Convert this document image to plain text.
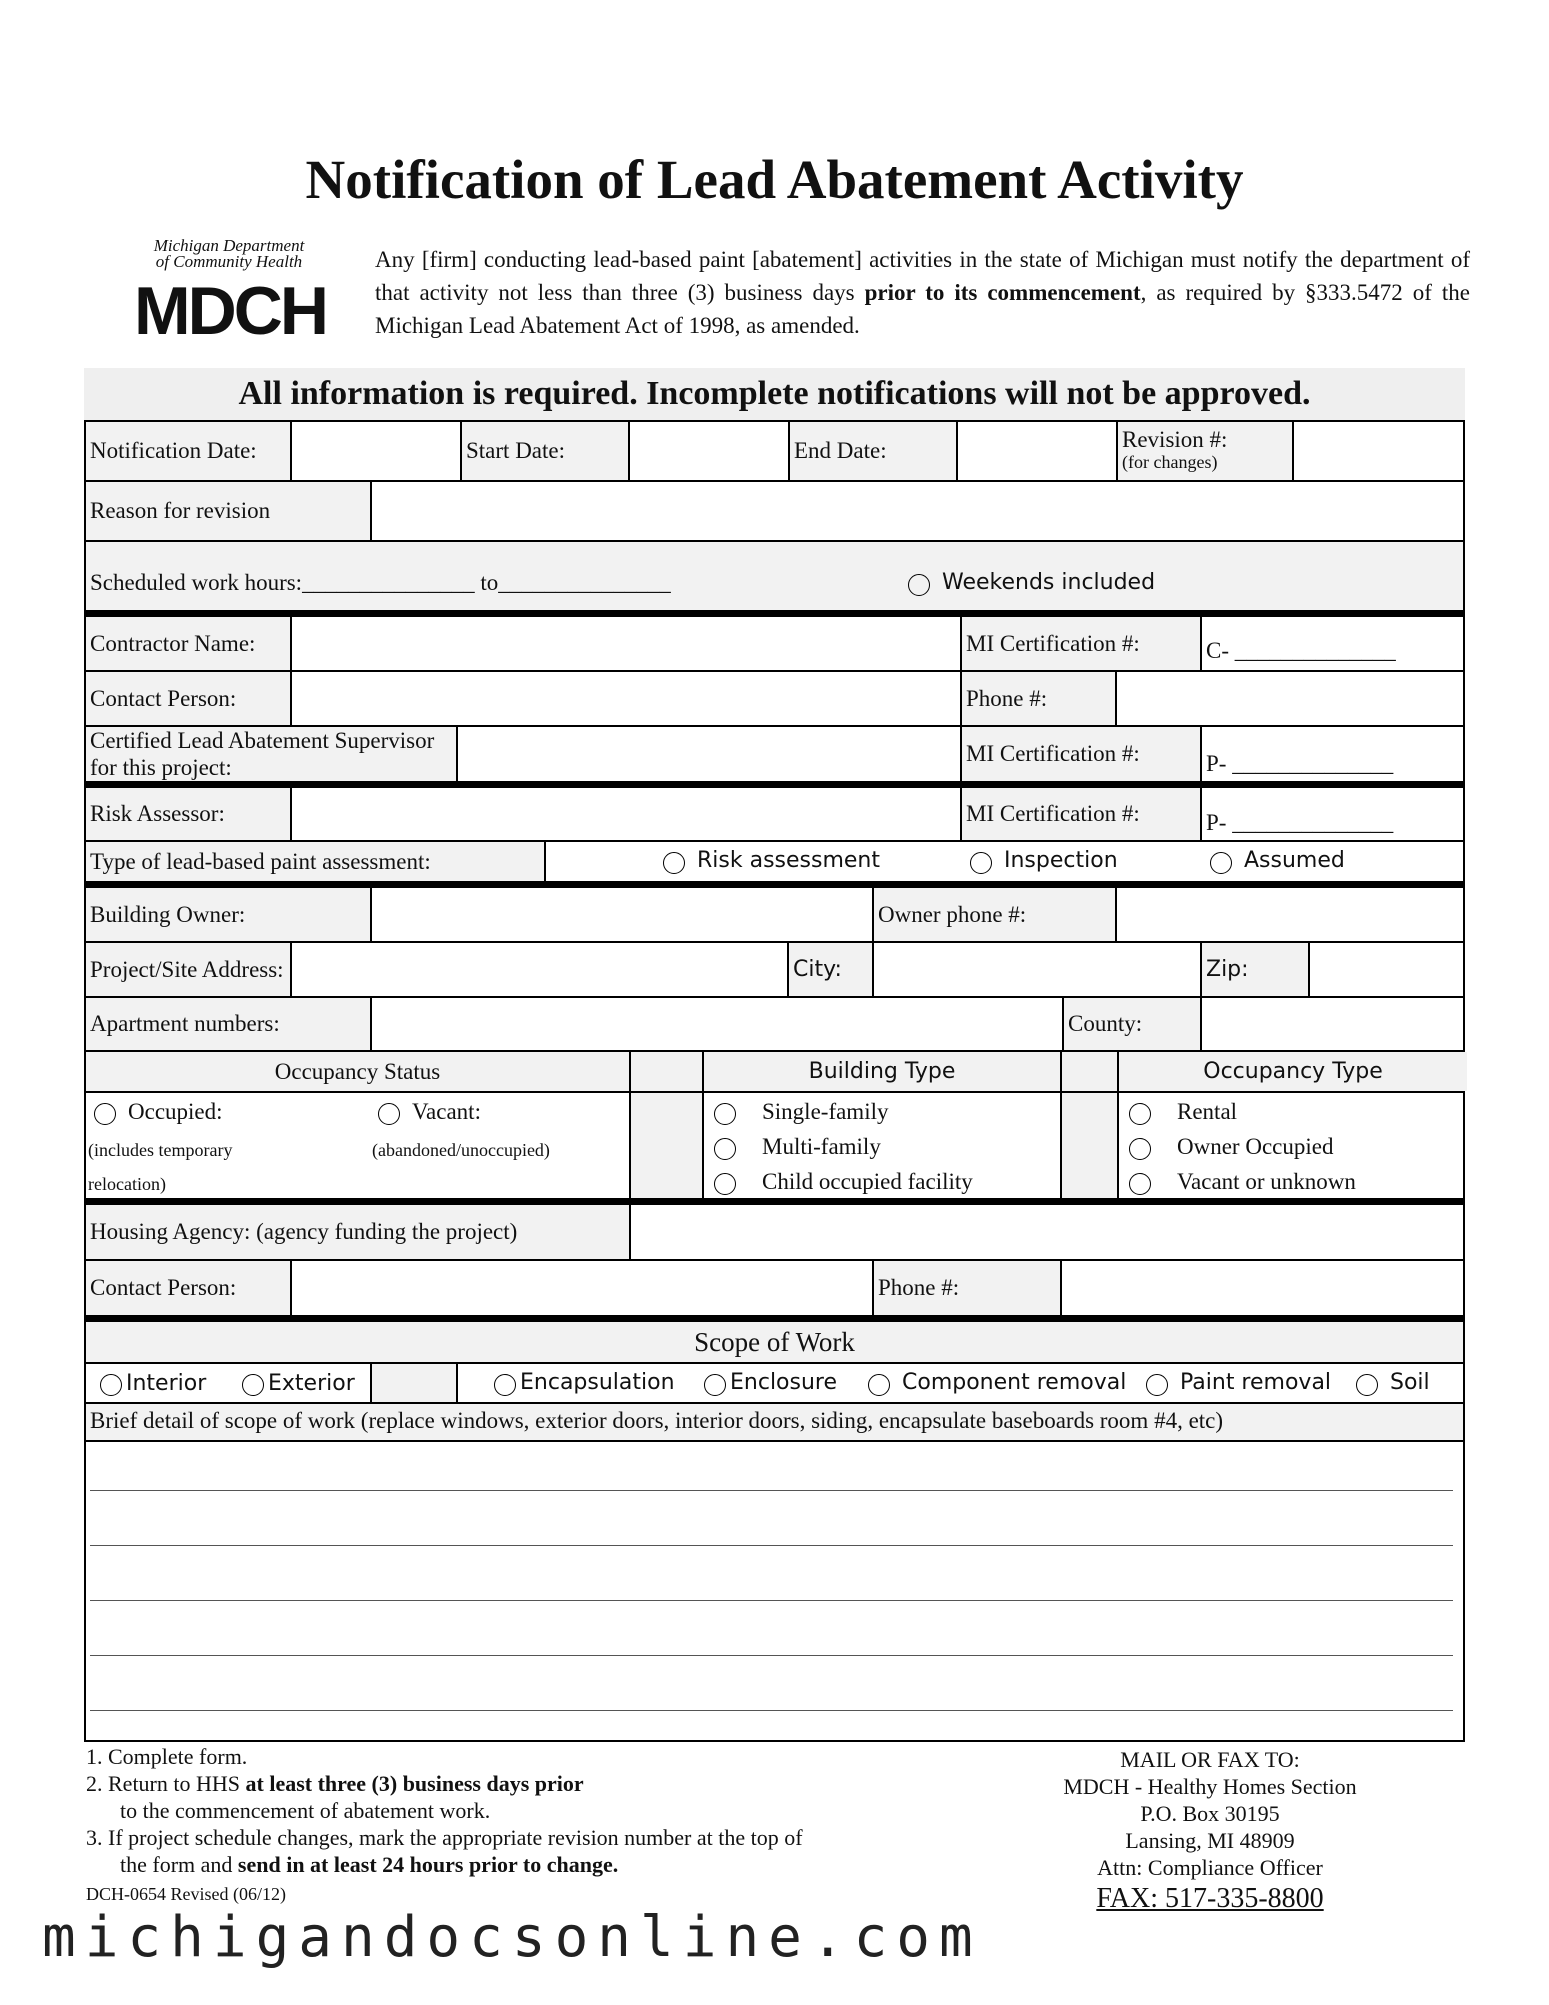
Notification of Lead Abatement Activity
Michigan Department
of Community Health
MDCH
Any [firm] conducting lead-based paint [abatement] activities in the state of Michigan must notify the department of that activity not less than three (3) business days prior to its commencement, as required by §333.5472 of the Michigan Lead Abatement Act of 1998, as amended.
All information is required. Incomplete notifications will not be approved.
Notification Date:	Start Date:	End Date:	Revision #:
(for changes)
Reason for revision
Scheduled work hours:_______________ to_______________	Weekends included
Contractor Name:	MI Certification #:	C- ______________
Contact Person:	Phone #:
Certified Lead Abatement Supervisor for this project:
MI Certification #:	P- ______________
Risk Assessor:	MI Certification #:	P- ______________
Type of lead-based paint assessment:	Risk assessment	Inspection	Assumed
Building Owner:	Owner phone #:
Project/Site Address:	City:	Zip:
Apartment numbers:	County:
Occupancy Status	Building Type	Occupancy Type
Occupied:
(includes temporary relocation)
Vacant:
(abandoned/unoccupied)
Single-family
Multi-family
Child occupied facility
Rental
Owner Occupied
Vacant or unknown
Housing Agency: (agency funding the project)
Contact Person:	Phone #:
Scope of Work
Interior	Exterior	Encapsulation	Enclosure	Component removal	Paint removal	Soil
Brief detail of scope of work (replace windows, exterior doors, interior doors, siding, encapsulate baseboards room #4, etc)
1. Complete form.
2. Return to HHS at least three (3) business days prior
to the commencement of abatement work.
3. If project schedule changes, mark the appropriate revision number at the top of
the form and send in at least 24 hours prior to change.
DCH-0654 Revised (06/12)
MAIL OR FAX TO:
MDCH - Healthy Homes Section
P.O. Box 30195
Lansing, MI 48909
Attn: Compliance Officer
FAX: 517-335-8800
michigandocsonline.com
